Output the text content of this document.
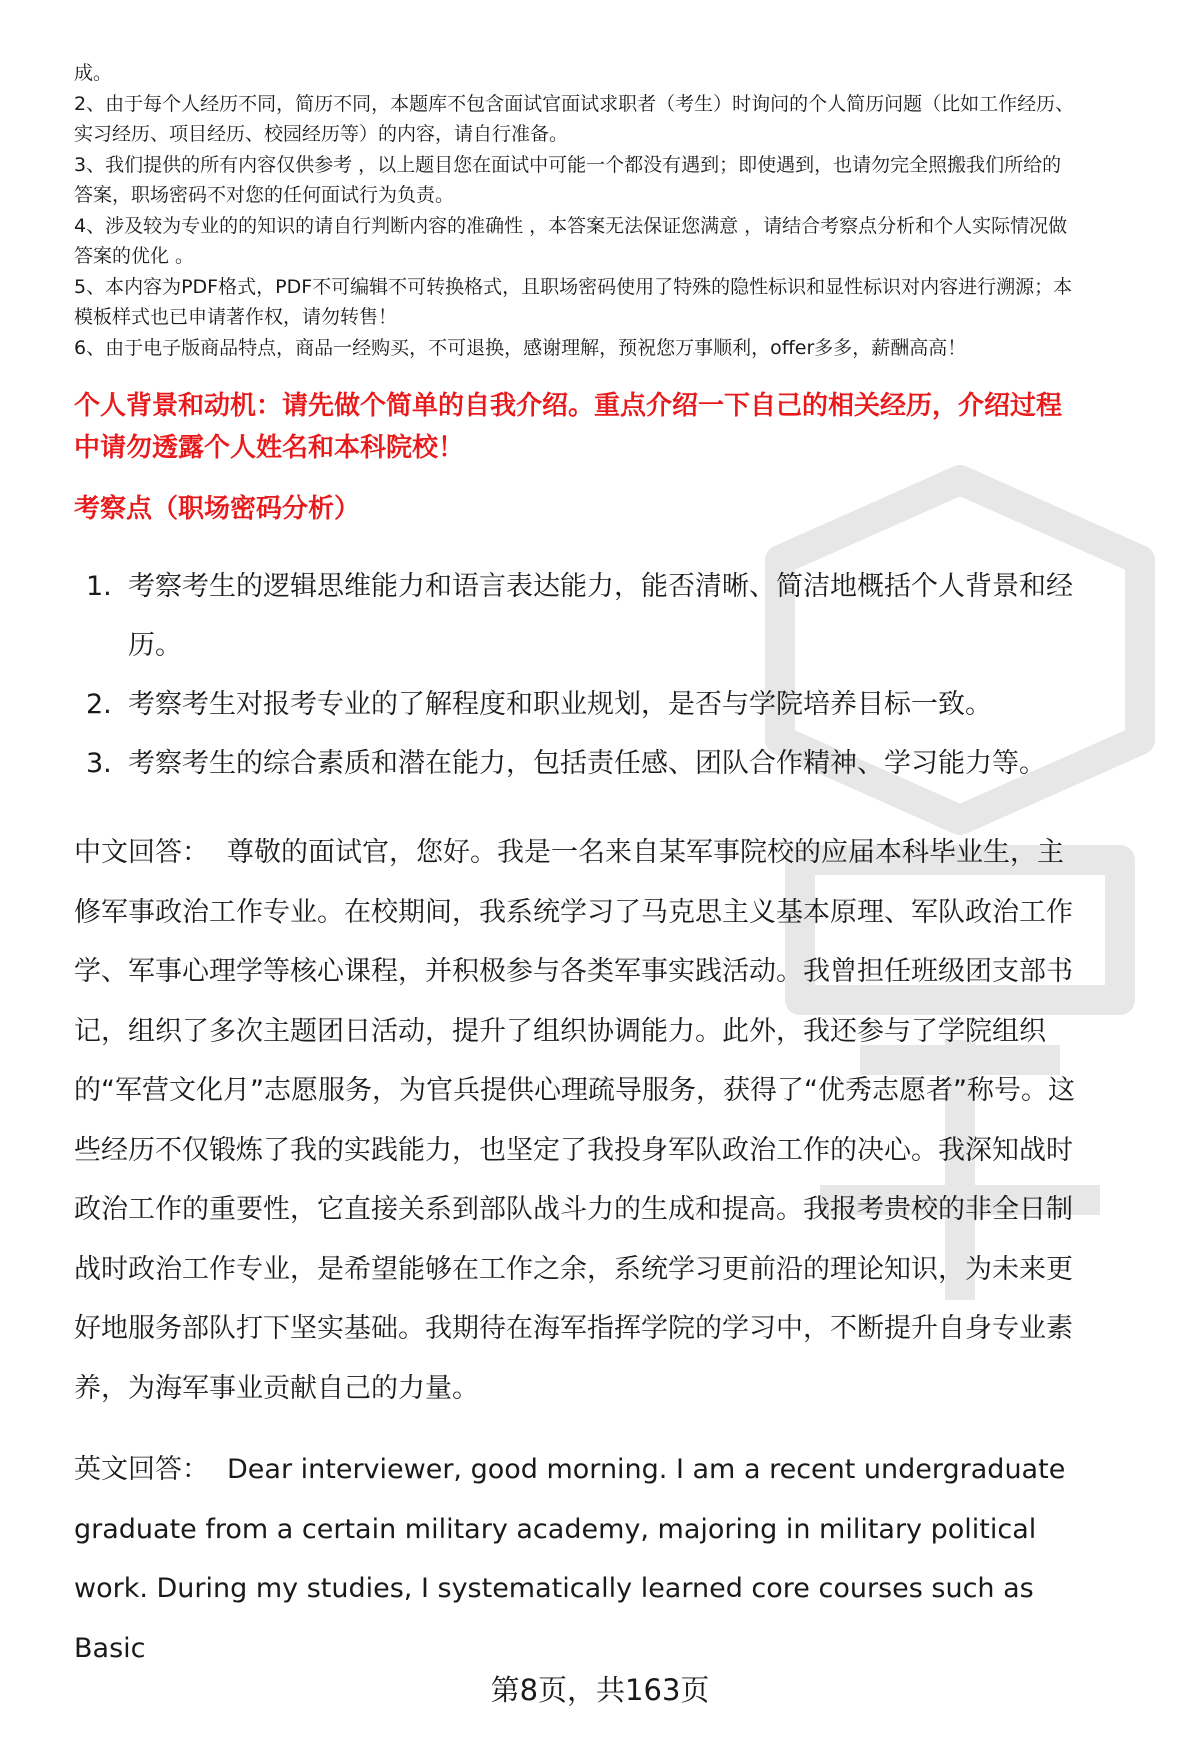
职场密码
成。
2、由于每个人经历不同，简历不同，本题库不包含面试官面试求职者（考生）时询问的个人简历问题（比如工作经历、实习经历、项目经历、校园经历等）的内容，请自行准备。
3、我们提供的所有内容仅供参考 ，以上题目您在面试中可能一个都没有遇到；即使遇到，也请勿完全照搬我们所给的答案，职场密码不对您的任何面试行为负责。
4、涉及较为专业的的知识的请自行判断内容的准确性 ，本答案无法保证您满意 ，请结合考察点分析和个人实际情况做答案的优化 。
5、本内容为PDF格式，PDF不可编辑不可转换格式，且职场密码使用了特殊的隐性标识和显性标识对内容进行溯源；本模板样式也已申请著作权，请勿转售！
6、由于电子版商品特点，商品一经购买，不可退换，感谢理解，预祝您万事顺利，offer多多，薪酬高高！
个人背景和动机：请先做个简单的自我介绍。重点介绍一下自己的相关经历，介绍过程中请勿透露个人姓名和本科院校！
考察点（职场密码分析）
1. 考察考生的逻辑思维能力和语言表达能力，能否清晰、简洁地概括个人背景和经历。
2. 考察考生对报考专业的了解程度和职业规划，是否与学院培养目标一致。
3. 考察考生的综合素质和潜在能力，包括责任感、团队合作精神、学习能力等。

中文回答： 尊敬的面试官，您好。我是一名来自某军事院校的应届本科毕业生，主修军事政治工作专业。在校期间，我系统学习了马克思主义基本原理、军队政治工作学、军事心理学等核心课程，并积极参与各类军事实践活动。我曾担任班级团支部书记，组织了多次主题团日活动，提升了组织协调能力。此外，我还参与了学院组织的“军营文化月”志愿服务，为官兵提供心理疏导服务，获得了“优秀志愿者”称号。这些经历不仅锻炼了我的实践能力，也坚定了我投身军队政治工作的决心。我深知战时政治工作的重要性，它直接关系到部队战斗力的生成和提高。我报考贵校的非全日制战时政治工作专业，是希望能够在工作之余，系统学习更前沿的理论知识，为未来更好地服务部队打下坚实基础。我期待在海军指挥学院的学习中，不断提升自身专业素养，为海军事业贡献自己的力量。

英文回答： Dear interviewer, good morning. I am a recent undergraduate graduate from a certain military academy, majoring in military political work. During my studies, I systematically learned core courses such as Basic

第8页，共163页
